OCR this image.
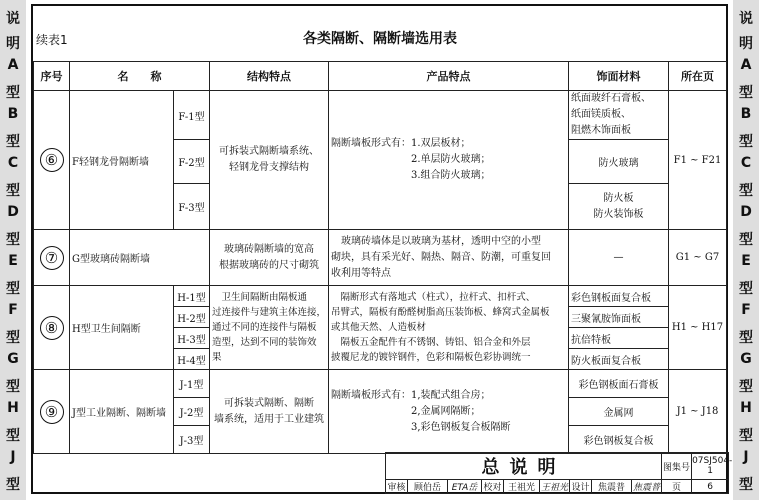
说
明
A
型
B
型
C
型
D
型
E
型
F
型
G
型
H
型
J
型
说
明
A
型
B
型
C
型
D
型
E
型
F
型
G
型
H
型
J
型
续表1	各类隔断、隔断墙选用表
序号	名　　称		结构特点	产品特点	饰面材料	所在页
⑥	F轻钢龙骨隔断墙	F-1型	可拆装式隔断墙系统、
轻钢龙骨支撑结构	隔断墙板形式有：1.双层板材；
　　　　　　　　2.单层防火玻璃；
　　　　　　　　3.组合防火玻璃；	纸面玻纤石膏板、
纸面镁质板、
阻燃木饰面板	F1 ~ F21
		F-2型			防火玻璃	
		F-3型			防火板
防火装饰板	
⑦	G型玻璃砖隔断墙		玻璃砖隔断墙的宽高
根据玻璃砖的尺寸砌筑	　玻璃砖墙体是以玻璃为基材，透明中空的小型
砌块，具有采光好、隔热、隔音、防潮，可重复回
收利用等特点	—	G1 ~ G7
⑧	H型卫生间隔断	H-1型	　卫生间隔断由隔板通
过连接件与建筑主体连接，
通过不同的连接件与隔板
造型，达到不同的装饰效
果	　隔断形式有落地式（柱式），拉杆式、扣杆式、
吊臂式，隔板有酚醛树脂高压装饰板、蜂窝式金属板
或其他天然、人造板材
　隔板五金配件有不锈钢、铸铝、铝合金和外层
披覆尼龙的镀锌钢件，色彩和隔板色彩协调统一	彩色钢板面复合板	H1 ~ H17
		H-2型			三聚氰胺饰面板	
		H-3型			抗倍特板	
		H-4型			防火板面复合板	
⑨	J型工业隔断、隔断墙	J-1型	可拆装式隔断、隔断
墙系统，适用于工业建筑	隔断墙板形式有：1,装配式组合房；
　　　　　　　　2,金属网隔断；
　　　　　　　　3,彩色钢板复合板隔断	彩色钢板面石膏板	J1 ~ J18
		J-2型			金属网	
		J-3型			彩色钢板复合板	
总说明									图集号	07SJ504-1
审核	顾伯岳	ETA岳	校对	王祖光	王祖光	设计	焦震普	焦震普	页	6
